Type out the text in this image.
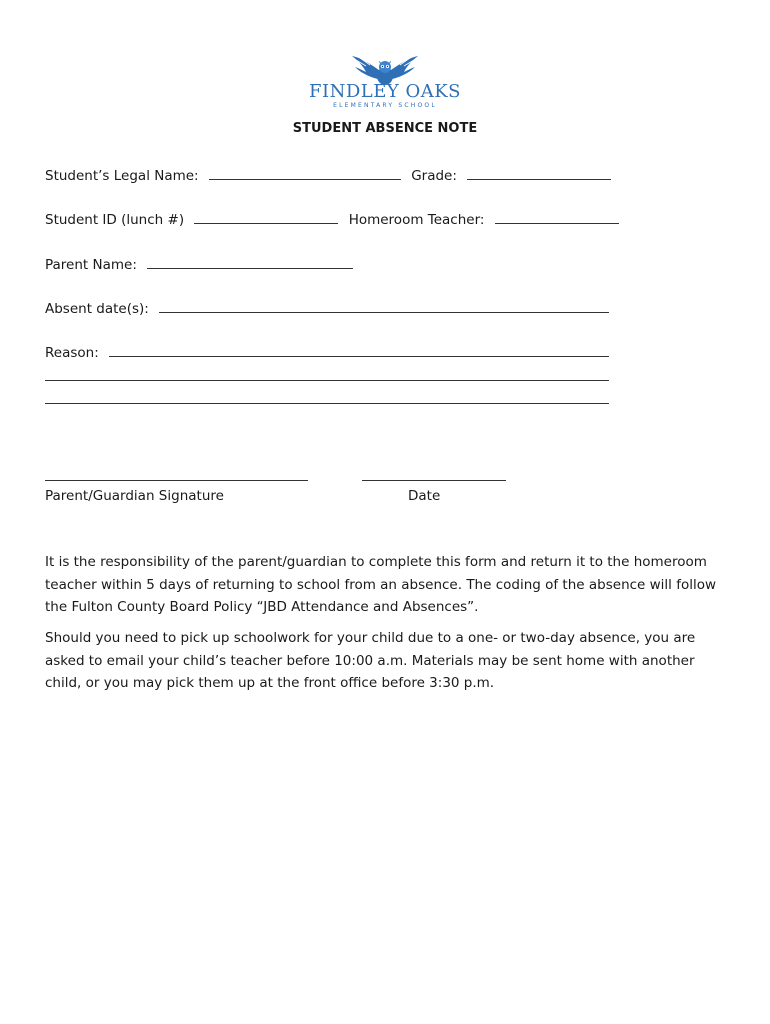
FINDLEY OAKS
ELEMENTARY SCHOOL
STUDENT ABSENCE NOTE
Student’s Legal Name:	Grade:
Student ID (lunch #)	Homeroom Teacher:
Parent Name:
Absent date(s):
Reason:
Parent/Guardian Signature	Date
It is the responsibility of the parent/guardian to complete this form and return it to the homeroom teacher within 5 days of returning to school from an absence. The coding of the absence will follow the Fulton County Board Policy “JBD Attendance and Absences”.
Should you need to pick up schoolwork for your child due to a one- or two-day absence, you are asked to email your child’s teacher before 10:00 a.m. Materials may be sent home with another child, or you may pick them up at the front office before 3:30 p.m.
